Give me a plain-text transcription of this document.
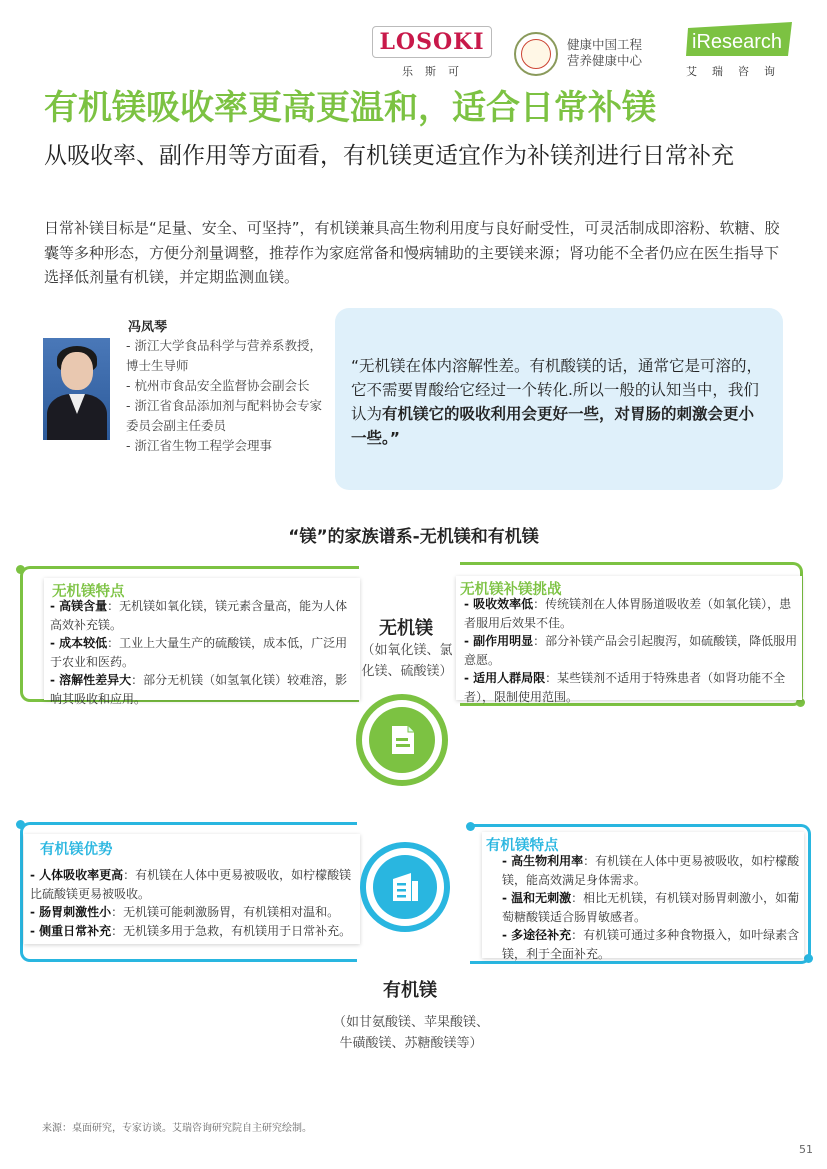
LOSOKI
乐斯可
健康中国工程
营养健康中心
iResearch
艾瑞咨询
有机镁吸收率更高更温和，适合日常补镁
从吸收率、副作用等方面看，有机镁更适宜作为补镁剂进行日常补充
日常补镁目标是“足量、安全、可坚持”，有机镁兼具高生物利用度与良好耐受性，可灵活制成即溶粉、软糖、胶囊等多种形态，方便分剂量调整，推荐作为家庭常备和慢病辅助的主要镁来源；肾功能不全者仍应在医生指导下选择低剂量有机镁，并定期监测血镁。
冯凤琴
- 浙江大学食品科学与营养系教授，博士生导师
- 杭州市食品安全监督协会副会长
- 浙江省食品添加剂与配料协会专家委员会副主任委员
- 浙江省生物工程学会理事

“无机镁在体内溶解性差。有机酸镁的话，通常它是可溶的，它不需要胃酸给它经过一个转化.所以一般的认知当中，我们认为有机镁它的吸收利用会更好一些，对胃肠的刺激会更小一些。”

“镁”的家族谱系-无机镁和有机镁
无机镁特点
- 高镁含量：无机镁如氧化镁，镁元素含量高，能为人体高效补充镁。
- 成本较低：工业上大量生产的硫酸镁，成本低，广泛用于农业和医药。
- 溶解性差异大：部分无机镁（如氢氧化镁）较难溶，影响其吸收和应用。
无机镁补镁挑战
- 吸收效率低：传统镁剂在人体胃肠道吸收差（如氧化镁），患者服用后效果不佳。
- 副作用明显：部分补镁产品会引起腹泻，如硫酸镁，降低服用意愿。
- 适用人群局限：某些镁剂不适用于特殊患者（如肾功能不全者），限制使用范围。
无机镁
（如氧化镁、氯化镁、硫酸镁）
有机镁优势
- 人体吸收率更高：有机镁在人体中更易被吸收，如柠檬酸镁比硫酸镁更易被吸收。
- 肠胃刺激性小：无机镁可能刺激肠胃，有机镁相对温和。
- 侧重日常补充：无机镁多用于急救，有机镁用于日常补充。
有机镁特点
- 高生物利用率：有机镁在人体中更易被吸收，如柠檬酸镁，能高效满足身体需求。
- 温和无刺激：相比无机镁，有机镁对肠胃刺激小，如葡萄糖酸镁适合肠胃敏感者。
- 多途径补充：有机镁可通过多种食物摄入，如叶绿素含镁，利于全面补充。
有机镁
（如甘氨酸镁、苹果酸镁、
牛磺酸镁、苏糖酸镁等）
来源：桌面研究，专家访谈。艾瑞咨询研究院自主研究绘制。
51
